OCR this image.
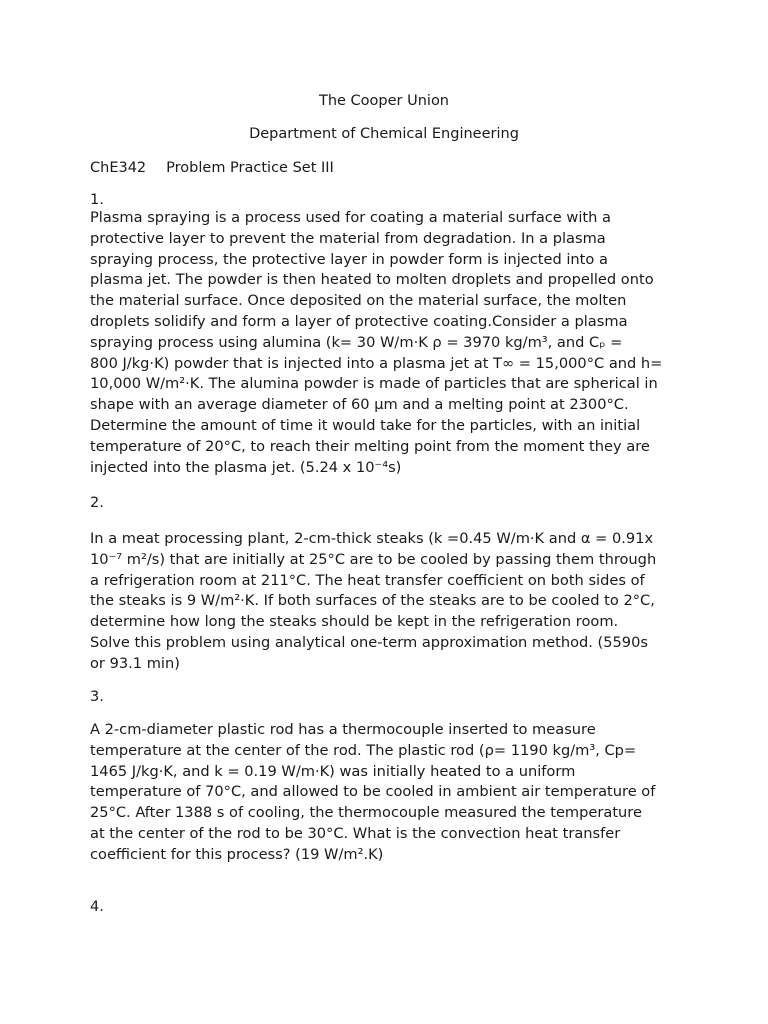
The Cooper Union
Department of Chemical Engineering
ChE342 Problem Practice Set III
1.

Plasma spraying is a process used for coating a material surface with a

protective layer to prevent the material from degradation. In a plasma

spraying process, the protective layer in powder form is injected into a

plasma jet. The powder is then heated to molten droplets and propelled onto

the material surface. Once deposited on the material surface, the molten

droplets solidify and form a layer of protective coating.Consider a plasma

spraying process using alumina (k= 30 W/m·K ρ = 3970 kg/m³, and Cₚ =

800 J/kg·K) powder that is injected into a plasma jet at T∞ = 15,000°C and h=

10,000 W/m²·K. The alumina powder is made of particles that are spherical in

shape with an average diameter of 60 μm and a melting point at 2300°C.

Determine the amount of time it would take for the particles, with an initial

temperature of 20°C, to reach their melting point from the moment they are

injected into the plasma jet. (5.24 x 10⁻⁴s)

2.

In a meat processing plant, 2-cm-thick steaks (k =0.45 W/m·K and α = 0.91x

10⁻⁷ m²/s) that are initially at 25°C are to be cooled by passing them through

a refrigeration room at 211°C. The heat transfer coefficient on both sides of

the steaks is 9 W/m²·K. If both surfaces of the steaks are to be cooled to 2°C,

determine how long the steaks should be kept in the refrigeration room.

Solve this problem using analytical one-term approximation method. (5590s

or 93.1 min)

3.

A 2-cm-diameter plastic rod has a thermocouple inserted to measure

temperature at the center of the rod. The plastic rod (ρ= 1190 kg/m³, Cp=

1465 J/kg·K, and k = 0.19 W/m·K) was initially heated to a uniform

temperature of 70°C, and allowed to be cooled in ambient air temperature of

25°C. After 1388 s of cooling, the thermocouple measured the temperature

at the center of the rod to be 30°C. What is the convection heat transfer

coefficient for this process? (19 W/m².K)

4.
